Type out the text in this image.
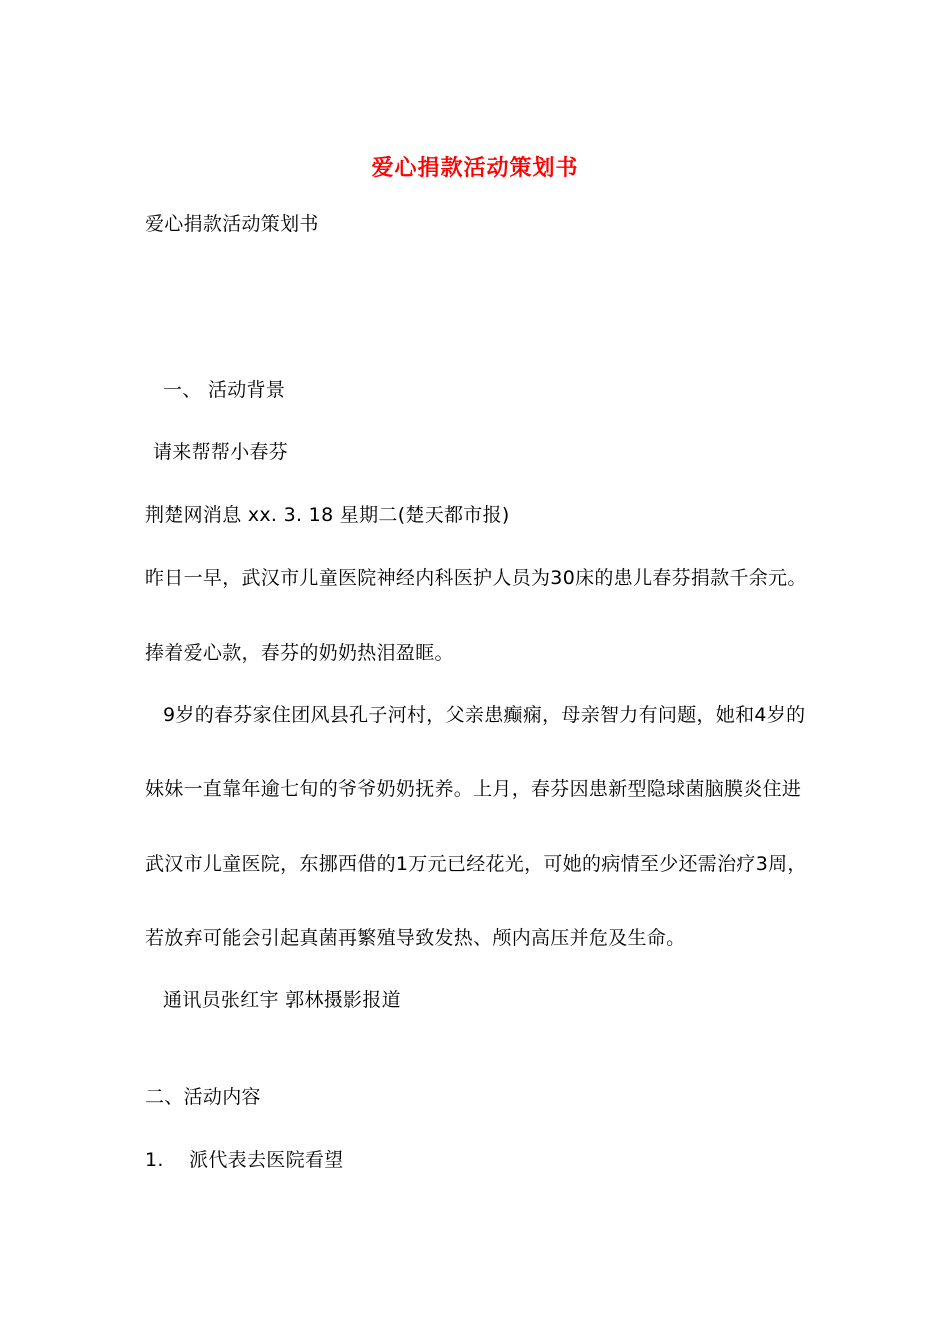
爱心捐款活动策划书
爱心捐款活动策划书
一、 活动背景
请来帮帮小春芬
荆楚网消息 xx. 3. 18 星期二(楚天都市报)
昨日一早，武汉市儿童医院神经内科医护人员为30床的患儿春芬捐款千余元。
捧着爱心款，春芬的奶奶热泪盈眶。
9岁的春芬家住团风县孔子河村，父亲患癫痫，母亲智力有问题，她和4岁的
妹妹一直靠年逾七旬的爷爷奶奶抚养。上月，春芬因患新型隐球菌脑膜炎住进
武汉市儿童医院，东挪西借的1万元已经花光，可她的病情至少还需治疗3周，
若放弃可能会引起真菌再繁殖导致发热、颅内高压并危及生命。
通讯员张红宇 郭林摄影报道
二、活动内容
1.    派代表去医院看望
